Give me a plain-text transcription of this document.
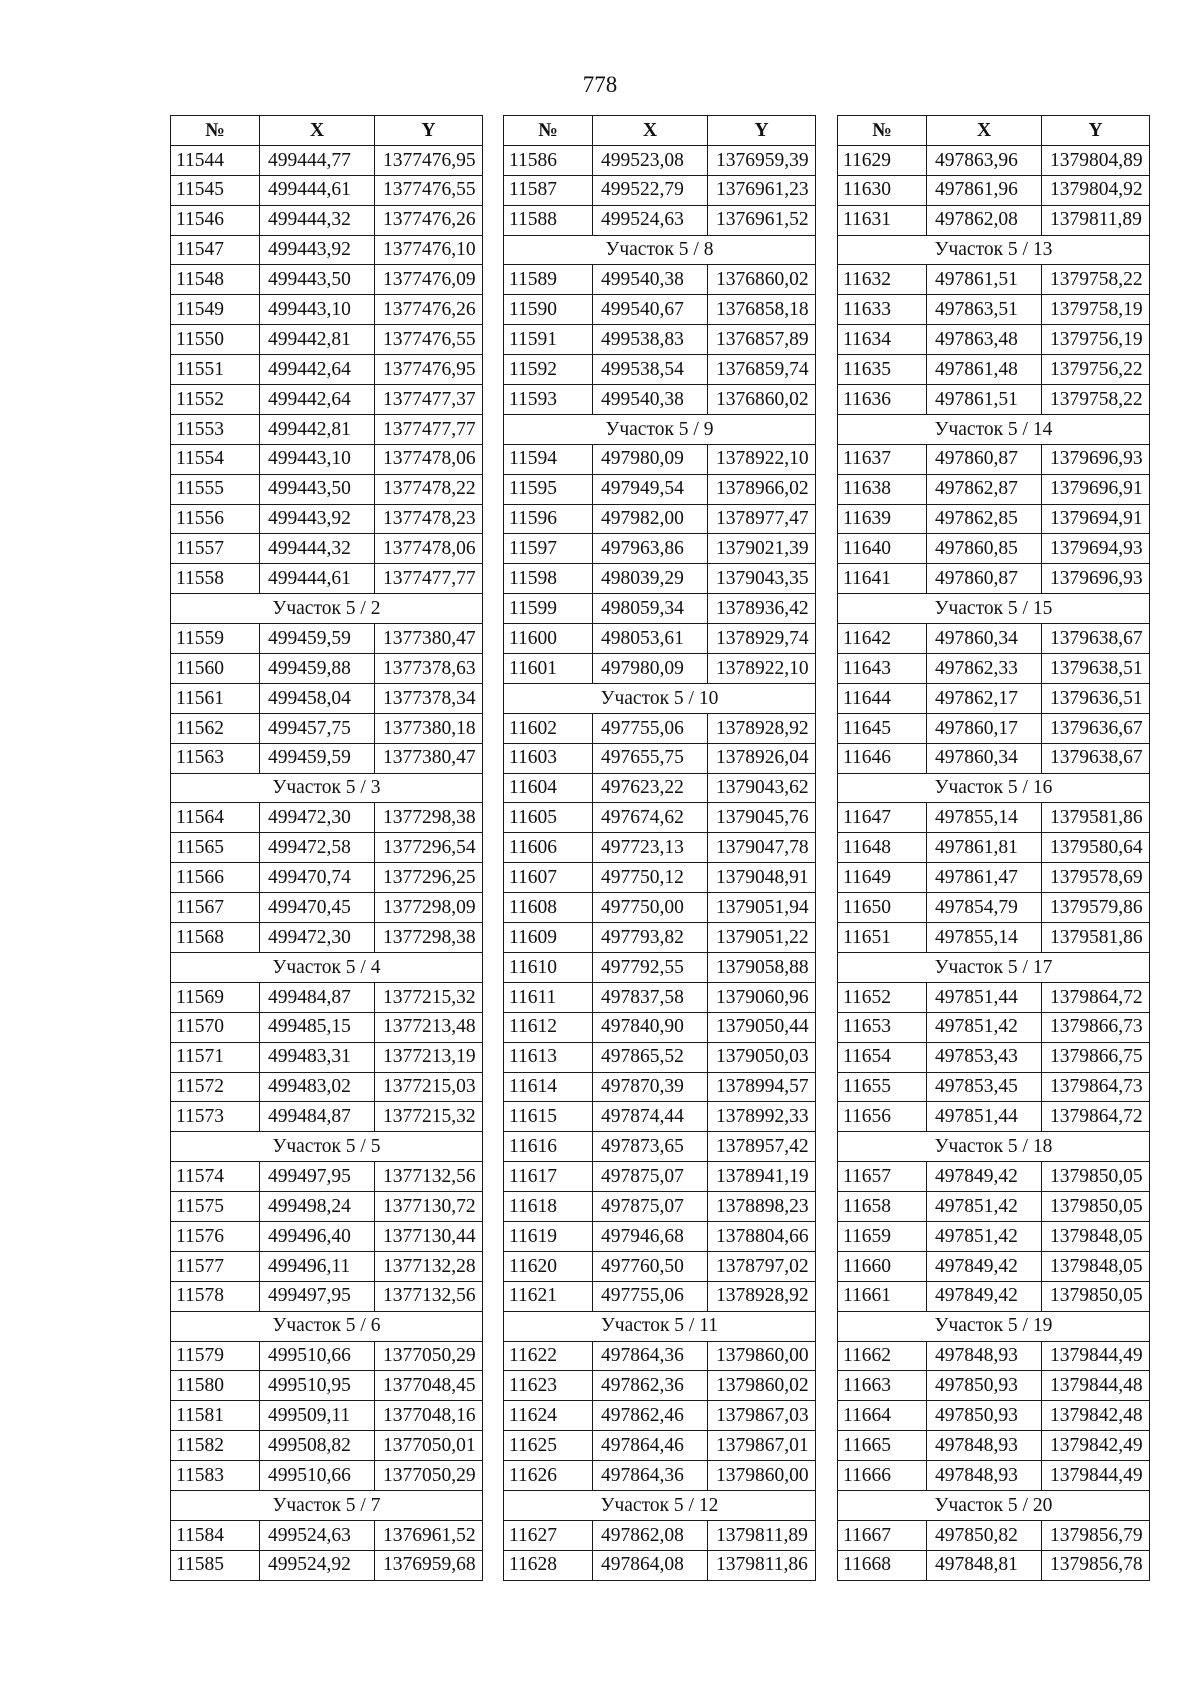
778
№	X	Y
11544	499444,77	1377476,95
11545	499444,61	1377476,55
11546	499444,32	1377476,26
11547	499443,92	1377476,10
11548	499443,50	1377476,09
11549	499443,10	1377476,26
11550	499442,81	1377476,55
11551	499442,64	1377476,95
11552	499442,64	1377477,37
11553	499442,81	1377477,77
11554	499443,10	1377478,06
11555	499443,50	1377478,22
11556	499443,92	1377478,23
11557	499444,32	1377478,06
11558	499444,61	1377477,77
Участок 5 / 2		
11559	499459,59	1377380,47
11560	499459,88	1377378,63
11561	499458,04	1377378,34
11562	499457,75	1377380,18
11563	499459,59	1377380,47
Участок 5 / 3		
11564	499472,30	1377298,38
11565	499472,58	1377296,54
11566	499470,74	1377296,25
11567	499470,45	1377298,09
11568	499472,30	1377298,38
Участок 5 / 4		
11569	499484,87	1377215,32
11570	499485,15	1377213,48
11571	499483,31	1377213,19
11572	499483,02	1377215,03
11573	499484,87	1377215,32
Участок 5 / 5		
11574	499497,95	1377132,56
11575	499498,24	1377130,72
11576	499496,40	1377130,44
11577	499496,11	1377132,28
11578	499497,95	1377132,56
Участок 5 / 6		
11579	499510,66	1377050,29
11580	499510,95	1377048,45
11581	499509,11	1377048,16
11582	499508,82	1377050,01
11583	499510,66	1377050,29
Участок 5 / 7		
11584	499524,63	1376961,52
11585	499524,92	1376959,68
№	X	Y
11586	499523,08	1376959,39
11587	499522,79	1376961,23
11588	499524,63	1376961,52
Участок 5 / 8		
11589	499540,38	1376860,02
11590	499540,67	1376858,18
11591	499538,83	1376857,89
11592	499538,54	1376859,74
11593	499540,38	1376860,02
Участок 5 / 9		
11594	497980,09	1378922,10
11595	497949,54	1378966,02
11596	497982,00	1378977,47
11597	497963,86	1379021,39
11598	498039,29	1379043,35
11599	498059,34	1378936,42
11600	498053,61	1378929,74
11601	497980,09	1378922,10
Участок 5 / 10		
11602	497755,06	1378928,92
11603	497655,75	1378926,04
11604	497623,22	1379043,62
11605	497674,62	1379045,76
11606	497723,13	1379047,78
11607	497750,12	1379048,91
11608	497750,00	1379051,94
11609	497793,82	1379051,22
11610	497792,55	1379058,88
11611	497837,58	1379060,96
11612	497840,90	1379050,44
11613	497865,52	1379050,03
11614	497870,39	1378994,57
11615	497874,44	1378992,33
11616	497873,65	1378957,42
11617	497875,07	1378941,19
11618	497875,07	1378898,23
11619	497946,68	1378804,66
11620	497760,50	1378797,02
11621	497755,06	1378928,92
Участок 5 / 11		
11622	497864,36	1379860,00
11623	497862,36	1379860,02
11624	497862,46	1379867,03
11625	497864,46	1379867,01
11626	497864,36	1379860,00
Участок 5 / 12		
11627	497862,08	1379811,89
11628	497864,08	1379811,86
№	X	Y
11629	497863,96	1379804,89
11630	497861,96	1379804,92
11631	497862,08	1379811,89
Участок 5 / 13		
11632	497861,51	1379758,22
11633	497863,51	1379758,19
11634	497863,48	1379756,19
11635	497861,48	1379756,22
11636	497861,51	1379758,22
Участок 5 / 14		
11637	497860,87	1379696,93
11638	497862,87	1379696,91
11639	497862,85	1379694,91
11640	497860,85	1379694,93
11641	497860,87	1379696,93
Участок 5 / 15		
11642	497860,34	1379638,67
11643	497862,33	1379638,51
11644	497862,17	1379636,51
11645	497860,17	1379636,67
11646	497860,34	1379638,67
Участок 5 / 16		
11647	497855,14	1379581,86
11648	497861,81	1379580,64
11649	497861,47	1379578,69
11650	497854,79	1379579,86
11651	497855,14	1379581,86
Участок 5 / 17		
11652	497851,44	1379864,72
11653	497851,42	1379866,73
11654	497853,43	1379866,75
11655	497853,45	1379864,73
11656	497851,44	1379864,72
Участок 5 / 18		
11657	497849,42	1379850,05
11658	497851,42	1379850,05
11659	497851,42	1379848,05
11660	497849,42	1379848,05
11661	497849,42	1379850,05
Участок 5 / 19		
11662	497848,93	1379844,49
11663	497850,93	1379844,48
11664	497850,93	1379842,48
11665	497848,93	1379842,49
11666	497848,93	1379844,49
Участок 5 / 20		
11667	497850,82	1379856,79
11668	497848,81	1379856,78
